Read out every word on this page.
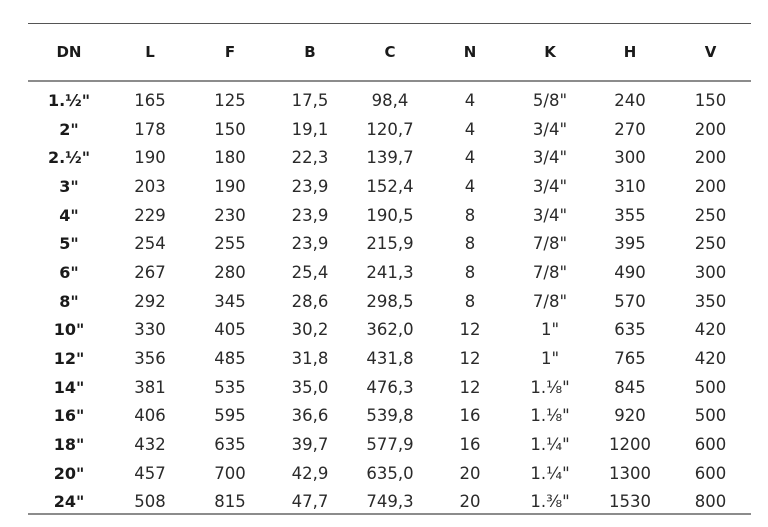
DN	L	F	B	C	N	K	H	V
1.½"	165	125	17,5	98,4	4	5/8"	240	150
2"	178	150	19,1	120,7	4	3/4"	270	200
2.½"	190	180	22,3	139,7	4	3/4"	300	200
3"	203	190	23,9	152,4	4	3/4"	310	200
4"	229	230	23,9	190,5	8	3/4"	355	250
5"	254	255	23,9	215,9	8	7/8"	395	250
6"	267	280	25,4	241,3	8	7/8"	490	300
8"	292	345	28,6	298,5	8	7/8"	570	350
10"	330	405	30,2	362,0	12	1"	635	420
12"	356	485	31,8	431,8	12	1"	765	420
14"	381	535	35,0	476,3	12	1.⅛"	845	500
16"	406	595	36,6	539,8	16	1.⅛"	920	500
18"	432	635	39,7	577,9	16	1.¼"	1200	600
20"	457	700	42,9	635,0	20	1.¼"	1300	600
24"	508	815	47,7	749,3	20	1.⅜"	1530	800
